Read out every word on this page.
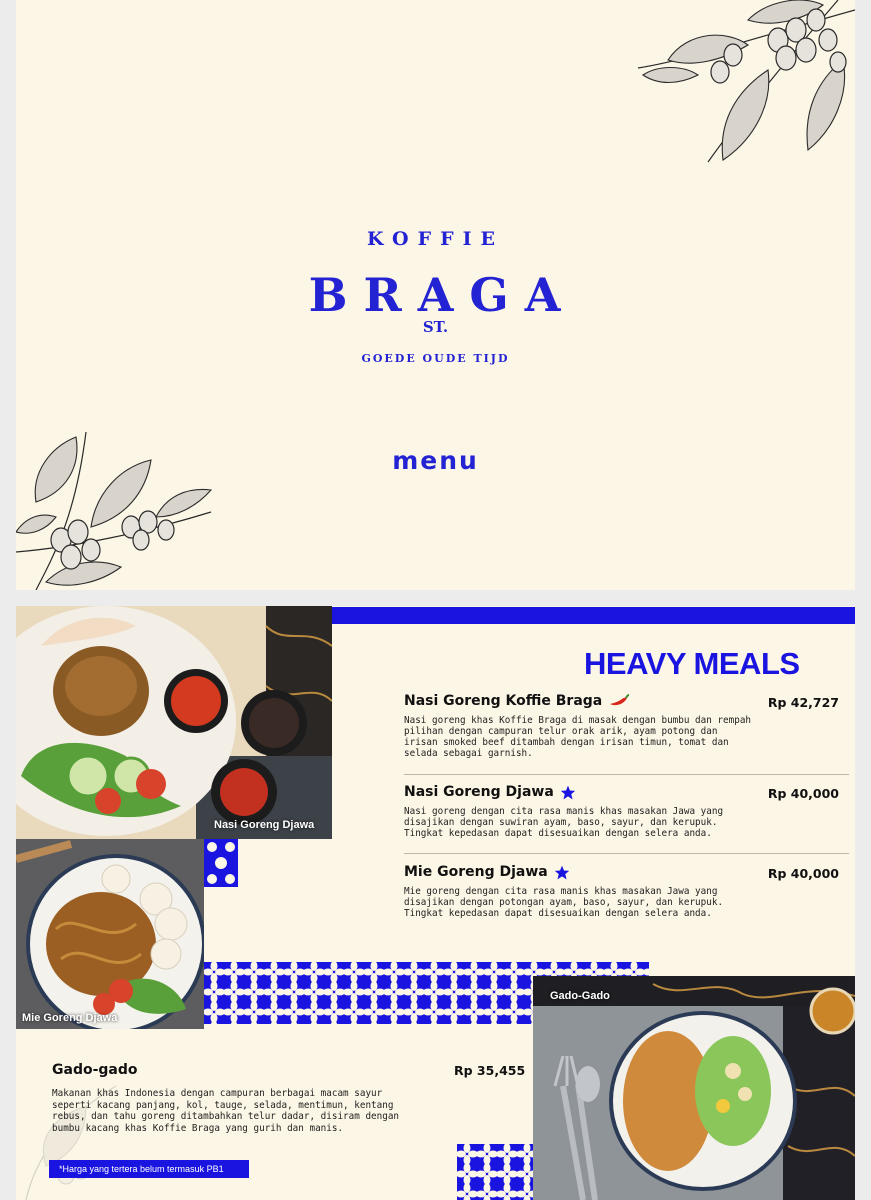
KOFFIE
BRAGA
ST.
GOEDE OUDE TIJD
menu
Nasi Goreng Djawa
Mie Goreng Djawa
HEAVY MEALS
Nasi Goreng Koffie Braga	Rp 42,727
Nasi goreng khas Koffie Braga di masak dengan bumbu dan rempah pilihan dengan campuran telur orak arik, ayam potong dan irisan smoked beef ditambah dengan irisan timun, tomat dan selada sebagai garnish.
Nasi Goreng Djawa	Rp 40,000
Nasi goreng dengan cita rasa manis khas masakan Jawa yang disajikan dengan suwiran ayam, baso, sayur, dan kerupuk. Tingkat kepedasan dapat disesuaikan dengan selera anda.
Mie Goreng Djawa	Rp 40,000
Mie goreng dengan cita rasa manis khas masakan Jawa yang disajikan dengan potongan ayam, baso, sayur, dan kerupuk. Tingkat kepedasan dapat disesuaikan dengan selera anda.
Gado-Gado
Gado-gado	Rp 35,455
Makanan khas Indonesia dengan campuran berbagai macam sayur seperti kacang panjang, kol, tauge, selada, mentimun, kentang rebus, dan tahu goreng ditambahkan telur dadar, disiram dengan bumbu kacang khas Koffie Braga yang gurih dan manis.
*Harga yang tertera belum termasuk PB1
